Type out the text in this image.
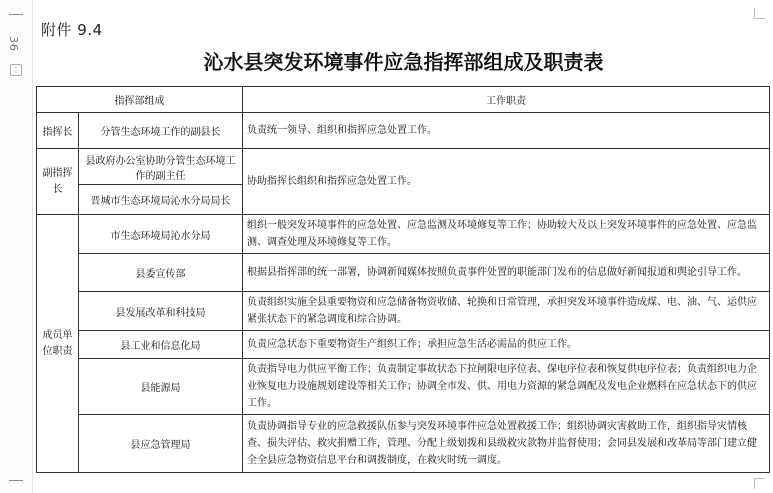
36
⋮
附件 9.4
沁水县突发环境事件应急指挥部组成及职责表
指挥部组成		工作职责
指挥长	分管生态环境工作的副县长	负责统一领导、组织和指挥应急处置工作。
副指挥长	县政府办公室协助分管生态环境工作的副主任	协助指挥长组织和指挥应急处置工作。
	晋城市生态环境局沁水分局局长	
成员单位职责	市生态环境局沁水分局	组织一般突发环境事件的应急处置、应急监测及环境修复等工作；协助较大及以上突发环境事件的应急处置、应急监测、调查处理及环境修复等工作。
	县委宣传部	根据县指挥部的统一部署，协调新闻媒体按照负责事件处置的职能部门发布的信息做好新闻报道和舆论引导工作。
	县发展改革和科技局	负责组织实施全县重要物资和应急储备物资收储、轮换和日常管理，承担突发环境事件造成煤、电、油、气、运供应紧张状态下的紧急调度和综合协调。
	县工业和信息化局	负责应急状态下重要物资生产组织工作；承担应急生活必需品的供应工作。
	县能源局	负责指导电力供应平衡工作；负责制定事故状态下拉闸限电序位表、保电序位表和恢复供电序位表；负责组织电力企业恢复电力设施规划建设等相关工作；协调全市发、供、用电力资源的紧急调配及发电企业燃料在应急状态下的供应工作。
	县应急管理局	负责协调指导专业的应急救援队伍参与突发环境事件应急处置救援工作；组织协调灾害救助工作，组织指导灾情核查、损失评估、救灾捐赠工作，管理、分配上级划拨和县级救灾款物并监督使用；会同县发展和改革局等部门建立健全全县应急物资信息平台和调拨制度，在救灾时统一调度。
